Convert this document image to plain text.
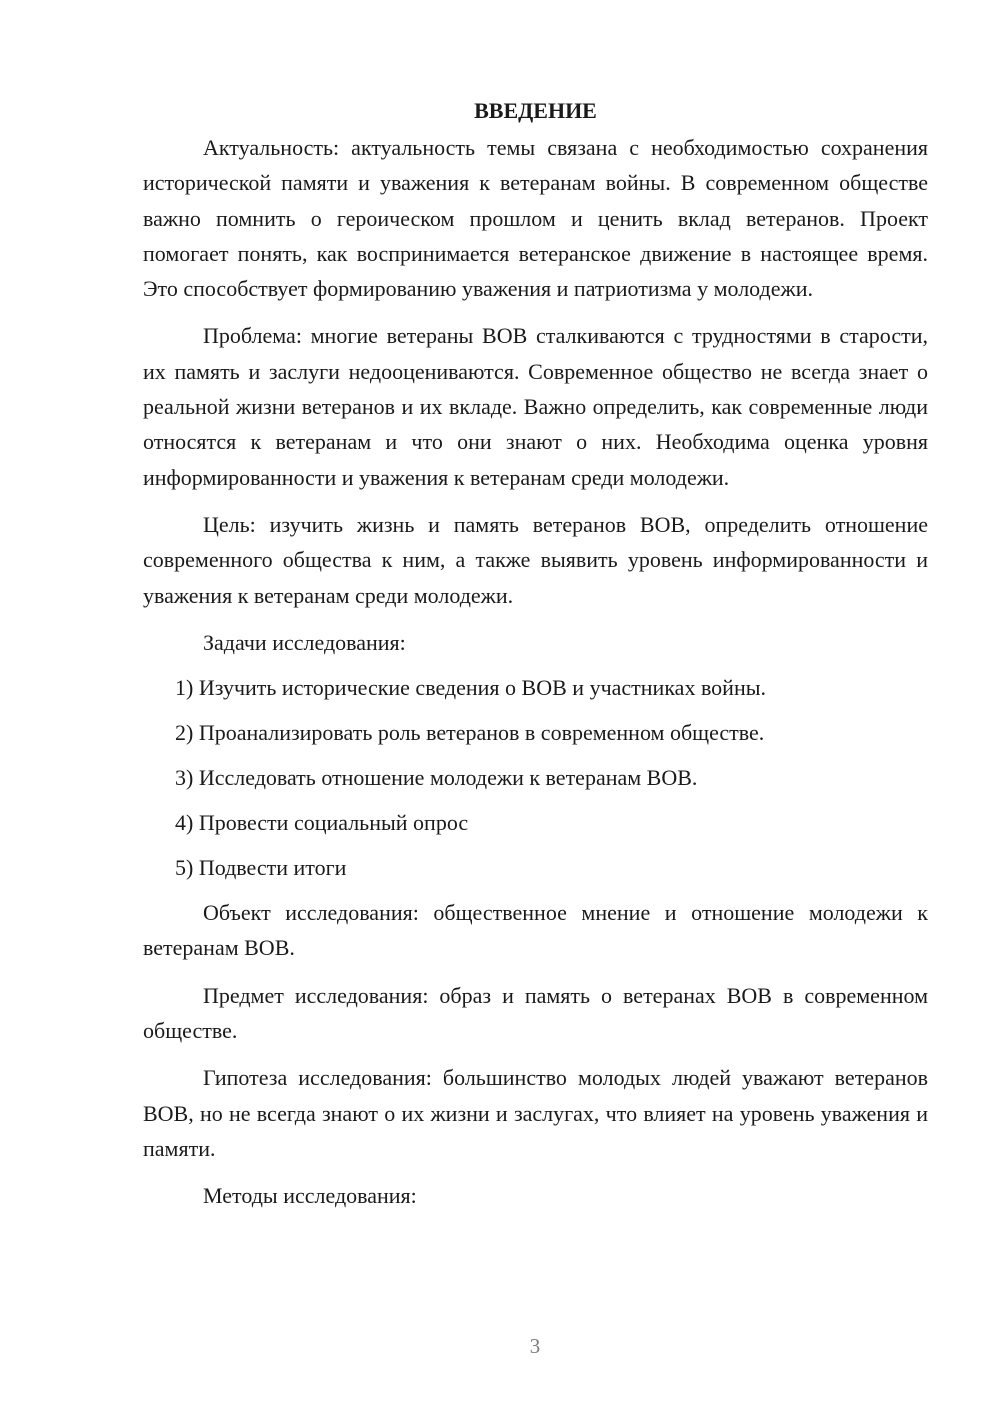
ВВЕДЕНИЕ

Актуальность: актуальность темы связана с необходимостью сохранения исторической памяти и уважения к ветеранам войны. В современном обществе важно помнить о героическом прошлом и ценить вклад ветеранов. Проект помогает понять, как воспринимается ветеранское движение в настоящее время. Это способствует формированию уважения и патриотизма у молодежи.

Проблема: многие ветераны ВОВ сталкиваются с трудностями в старости, их память и заслуги недооцениваются. Современное общество не всегда знает о реальной жизни ветеранов и их вкладе. Важно определить, как современные люди относятся к ветеранам и что они знают о них. Необходима оценка уровня информированности и уважения к ветеранам среди молодежи.

Цель: изучить жизнь и память ветеранов ВОВ, определить отношение современного общества к ним, а также выявить уровень информированности и уважения к ветеранам среди молодежи.

Задачи исследования:

1) Изучить исторические сведения о ВОВ и участниках войны.
2) Проанализировать роль ветеранов в современном обществе.
3) Исследовать отношение молодежи к ветеранам ВОВ.
4) Провести социальный опрос
5) Подвести итоги

Объект исследования: общественное мнение и отношение молодежи к ветеранам ВОВ.

Предмет исследования: образ и память о ветеранах ВОВ в современном обществе.

Гипотеза исследования: большинство молодых людей уважают ветеранов ВОВ, но не всегда знают о их жизни и заслугах, что влияет на уровень уважения и памяти.

Методы исследования:

3
